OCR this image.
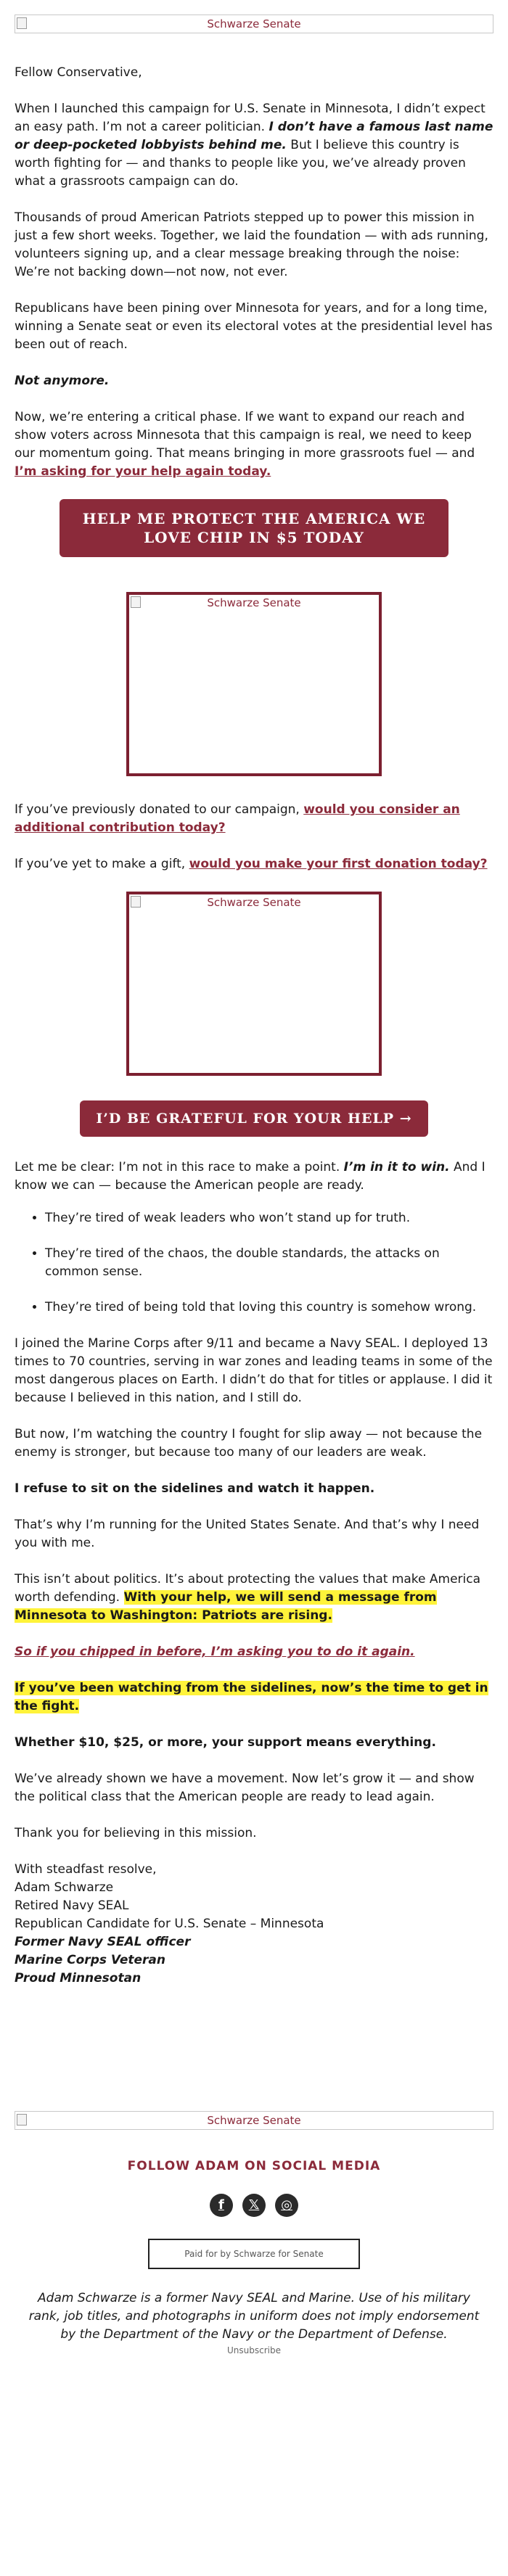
Schwarze Senate

Fellow Conservative,

When I launched this campaign for U.S. Senate in Minnesota, I didn’t expect an easy path. I’m not a career politician. I don’t have a famous last name or deep-pocketed lobbyists behind me. But I believe this country is worth fighting for — and thanks to people like you, we’ve already proven what a grassroots campaign can do.

Thousands of proud American Patriots stepped up to power this mission in just a few short weeks. Together, we laid the foundation — with ads running, volunteers signing up, and a clear message breaking through the noise: We’re not backing down—not now, not ever.

Republicans have been pining over Minnesota for years, and for a long time, winning a Senate seat or even its electoral votes at the presidential level has been out of reach.

Not anymore.

Now, we’re entering a critical phase. If we want to expand our reach and show voters across Minnesota that this campaign is real, we need to keep our momentum going. That means bringing in more grassroots fuel — and I’m asking for your help again today.

HELP ME PROTECT THE AMERICA WE LOVE CHIP IN $5 TODAY
Schwarze Senate

If you’ve previously donated to our campaign, would you consider an additional contribution today?

If you’ve yet to make a gift, would you make your first donation today?

Schwarze Senate
I’D BE GRATEFUL FOR YOUR HELP →

Let me be clear: I’m not in this race to make a point. I’m in it to win. And I know we can — because the American people are ready.

• They’re tired of weak leaders who won’t stand up for truth.
• They’re tired of the chaos, the double standards, the attacks on common sense.
• They’re tired of being told that loving this country is somehow wrong.

I joined the Marine Corps after 9/11 and became a Navy SEAL. I deployed 13 times to 70 countries, serving in war zones and leading teams in some of the most dangerous places on Earth. I didn’t do that for titles or applause. I did it because I believed in this nation, and I still do.

But now, I’m watching the country I fought for slip away — not because the enemy is stronger, but because too many of our leaders are weak.

I refuse to sit on the sidelines and watch it happen.

That’s why I’m running for the United States Senate. And that’s why I need you with me.

This isn’t about politics. It’s about protecting the values that make America worth defending. With your help, we will send a message from Minnesota to Washington: Patriots are rising.

So if you chipped in before, I’m asking you to do it again.

If you’ve been watching from the sidelines, now’s the time to get in the fight.

Whether $10, $25, or more, your support means everything.

We’ve already shown we have a movement. Now let’s grow it — and show the political class that the American people are ready to lead again.

Thank you for believing in this mission.

With steadfast resolve,

Adam Schwarze

Retired Navy SEAL

Republican Candidate for U.S. Senate – Minnesota

Former Navy SEAL officer

Marine Corps Veteran

Proud Minnesotan

Schwarze Senate
FOLLOW ADAM ON SOCIAL MEDIA
f 𝕏 ◎
Paid for by Schwarze for Senate

Adam Schwarze is a former Navy SEAL and Marine. Use of his military rank, job titles, and photographs in uniform does not imply endorsement by the Department of the Navy or the Department of Defense.

Unsubscribe
